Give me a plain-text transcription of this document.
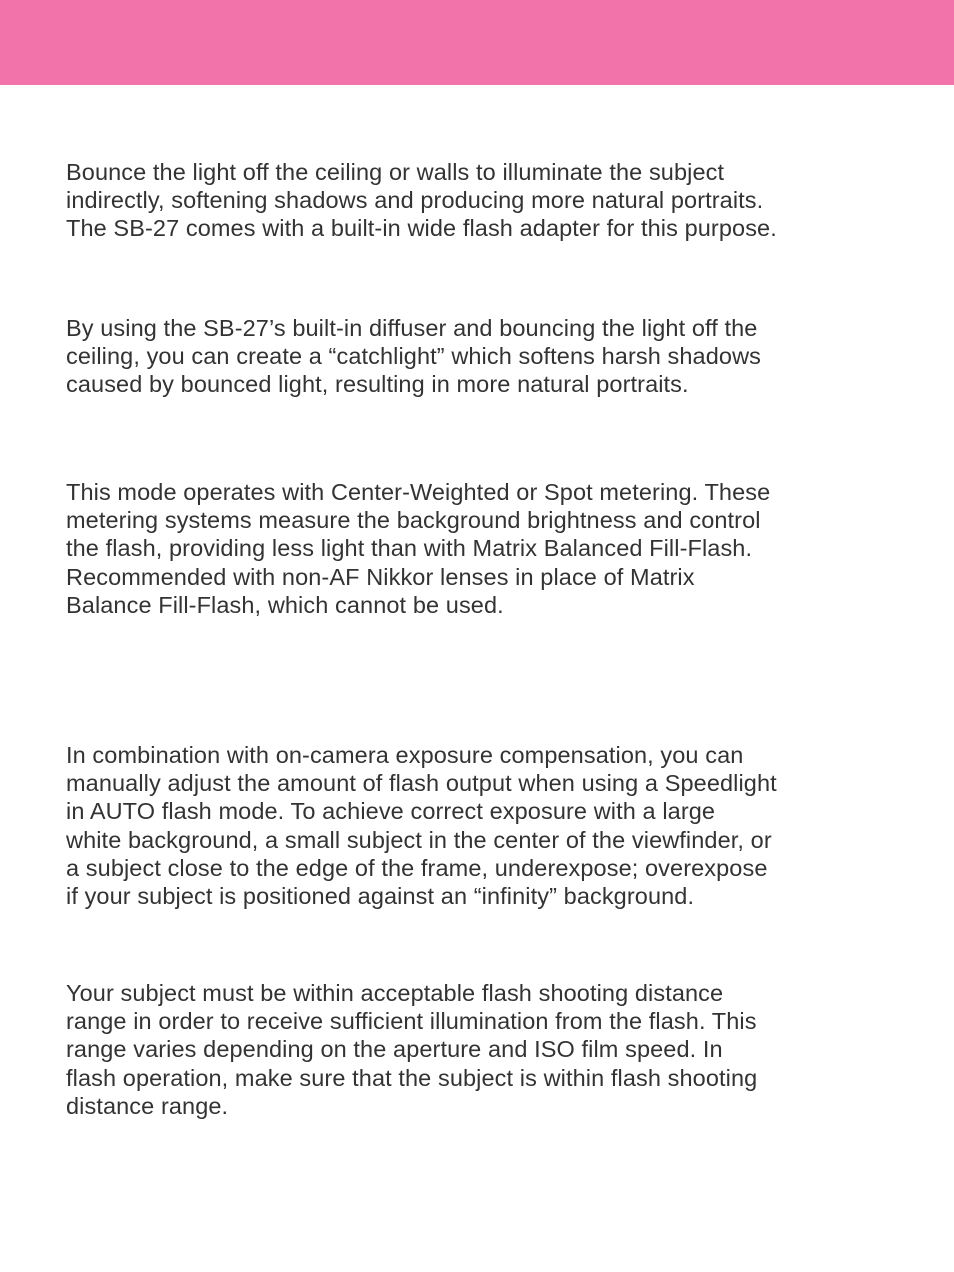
Bounce the light off the ceiling or walls to illuminate the subject
indirectly, softening shadows and producing more natural portraits.
The SB-27 comes with a built-in wide flash adapter for this purpose.

By using the SB-27’s built-in diffuser and bouncing the light off the
ceiling, you can create a “catchlight” which softens harsh shadows
caused by bounced light, resulting in more natural portraits.

This mode operates with Center-Weighted or Spot metering. These
metering systems measure the background brightness and control
the flash, providing less light than with Matrix Balanced Fill-Flash.
Recommended with non-AF Nikkor lenses in place of Matrix
Balance Fill-Flash, which cannot be used.

In combination with on-camera exposure compensation, you can
manually adjust the amount of flash output when using a Speedlight
in AUTO flash mode. To achieve correct exposure with a large
white background, a small subject in the center of the viewfinder, or
a subject close to the edge of the frame, underexpose; overexpose
if your subject is positioned against an “infinity” background.

Your subject must be within acceptable flash shooting distance
range in order to receive sufficient illumination from the flash. This
range varies depending on the aperture and ISO film speed. In
flash operation, make sure that the subject is within flash shooting
distance range.
